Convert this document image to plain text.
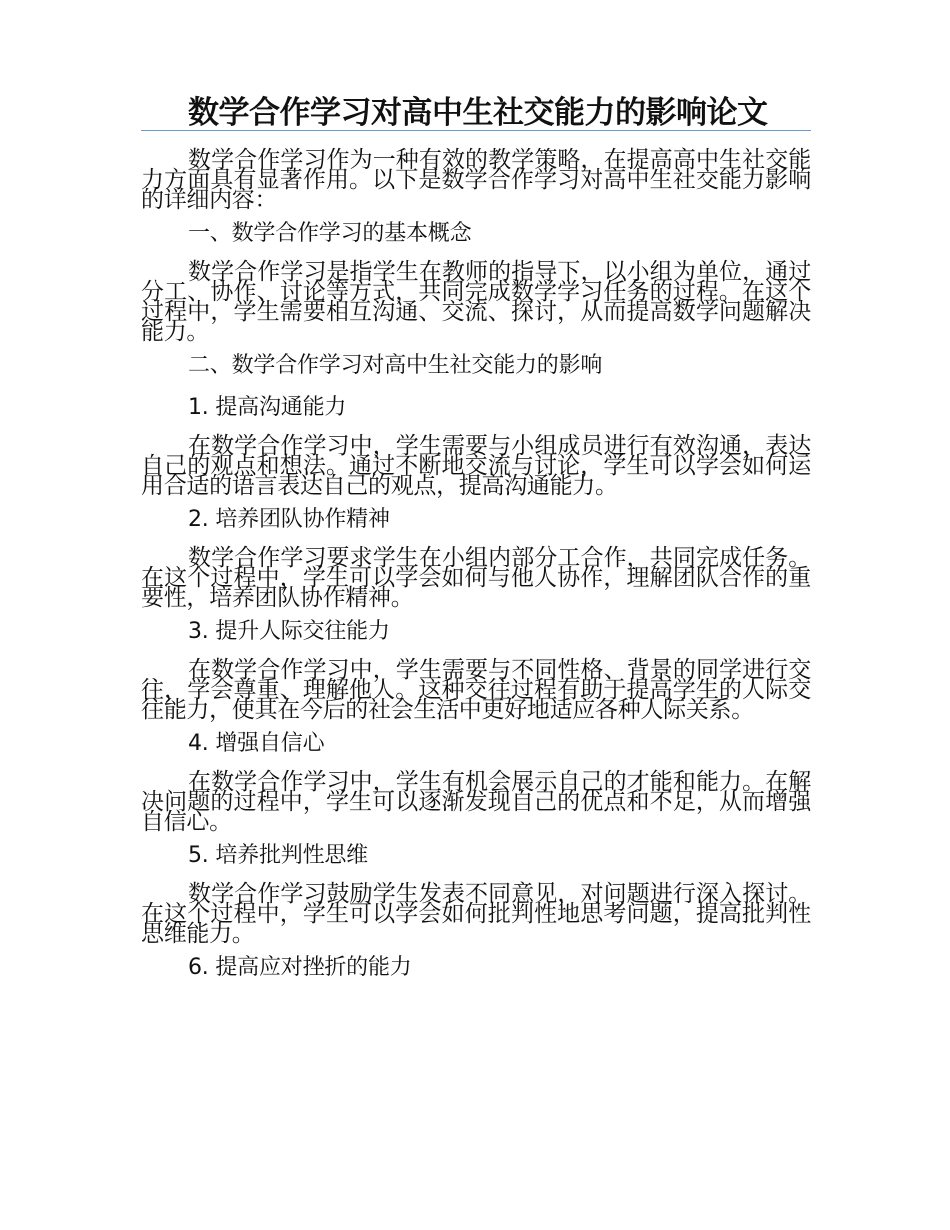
数学合作学习对高中生社交能力的影响论文

数学合作学习作为一种有效的教学策略，在提高高中生社交能力方面具有显著作用。以下是数学合作学习对高中生社交能力影响的详细内容：

一、数学合作学习的基本概念

数学合作学习是指学生在教师的指导下，以小组为单位，通过分工、协作、讨论等方式，共同完成数学学习任务的过程。在这个过程中，学生需要相互沟通、交流、探讨，从而提高数学问题解决能力。

二、数学合作学习对高中生社交能力的影响

1. 提高沟通能力

在数学合作学习中，学生需要与小组成员进行有效沟通，表达自己的观点和想法。通过不断地交流与讨论，学生可以学会如何运用合适的语言表达自己的观点，提高沟通能力。

2. 培养团队协作精神

数学合作学习要求学生在小组内部分工合作，共同完成任务。在这个过程中，学生可以学会如何与他人协作，理解团队合作的重要性，培养团队协作精神。

3. 提升人际交往能力

在数学合作学习中，学生需要与不同性格、背景的同学进行交往，学会尊重、理解他人。这种交往过程有助于提高学生的人际交往能力，使其在今后的社会生活中更好地适应各种人际关系。

4. 增强自信心

在数学合作学习中，学生有机会展示自己的才能和能力。在解决问题的过程中，学生可以逐渐发现自己的优点和不足，从而增强自信心。

5. 培养批判性思维

数学合作学习鼓励学生发表不同意见，对问题进行深入探讨。在这个过程中，学生可以学会如何批判性地思考问题，提高批判性思维能力。

6. 提高应对挫折的能力
